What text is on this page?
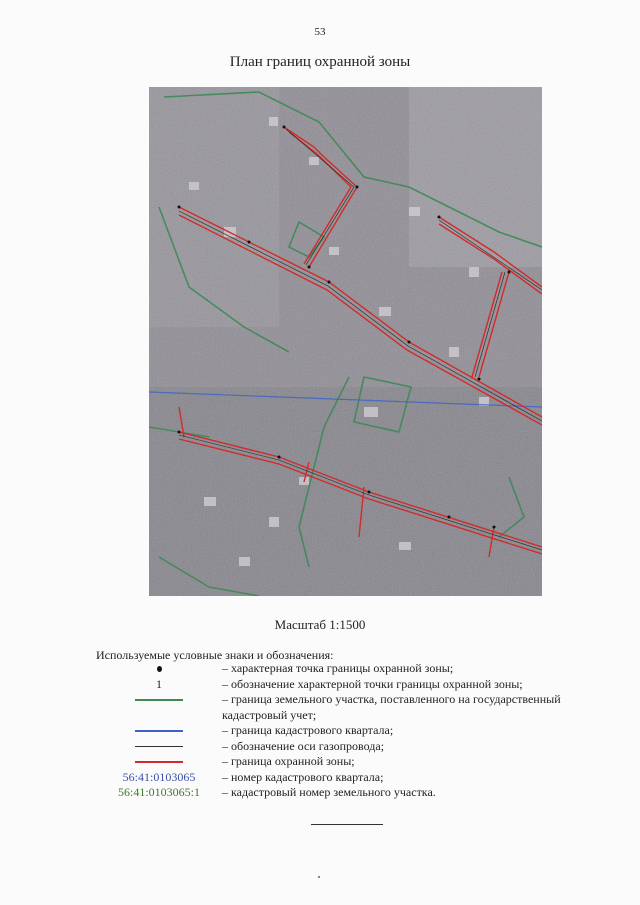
53
План границ охранной зоны
Масштаб 1:1500
Используемые условные знаки и обозначения:
– характерная точка границы охранной зоны;
1	– обозначение характерной точки границы охранной зоны;
– граница земельного участка, поставленного на государственный кадастровый учет;
– граница кадастрового квартала;
– обозначение оси газопровода;
– граница охранной зоны;
56:41:0103065	– номер кадастрового квартала;
56:41:0103065:1	– кадастровый номер земельного участка.
